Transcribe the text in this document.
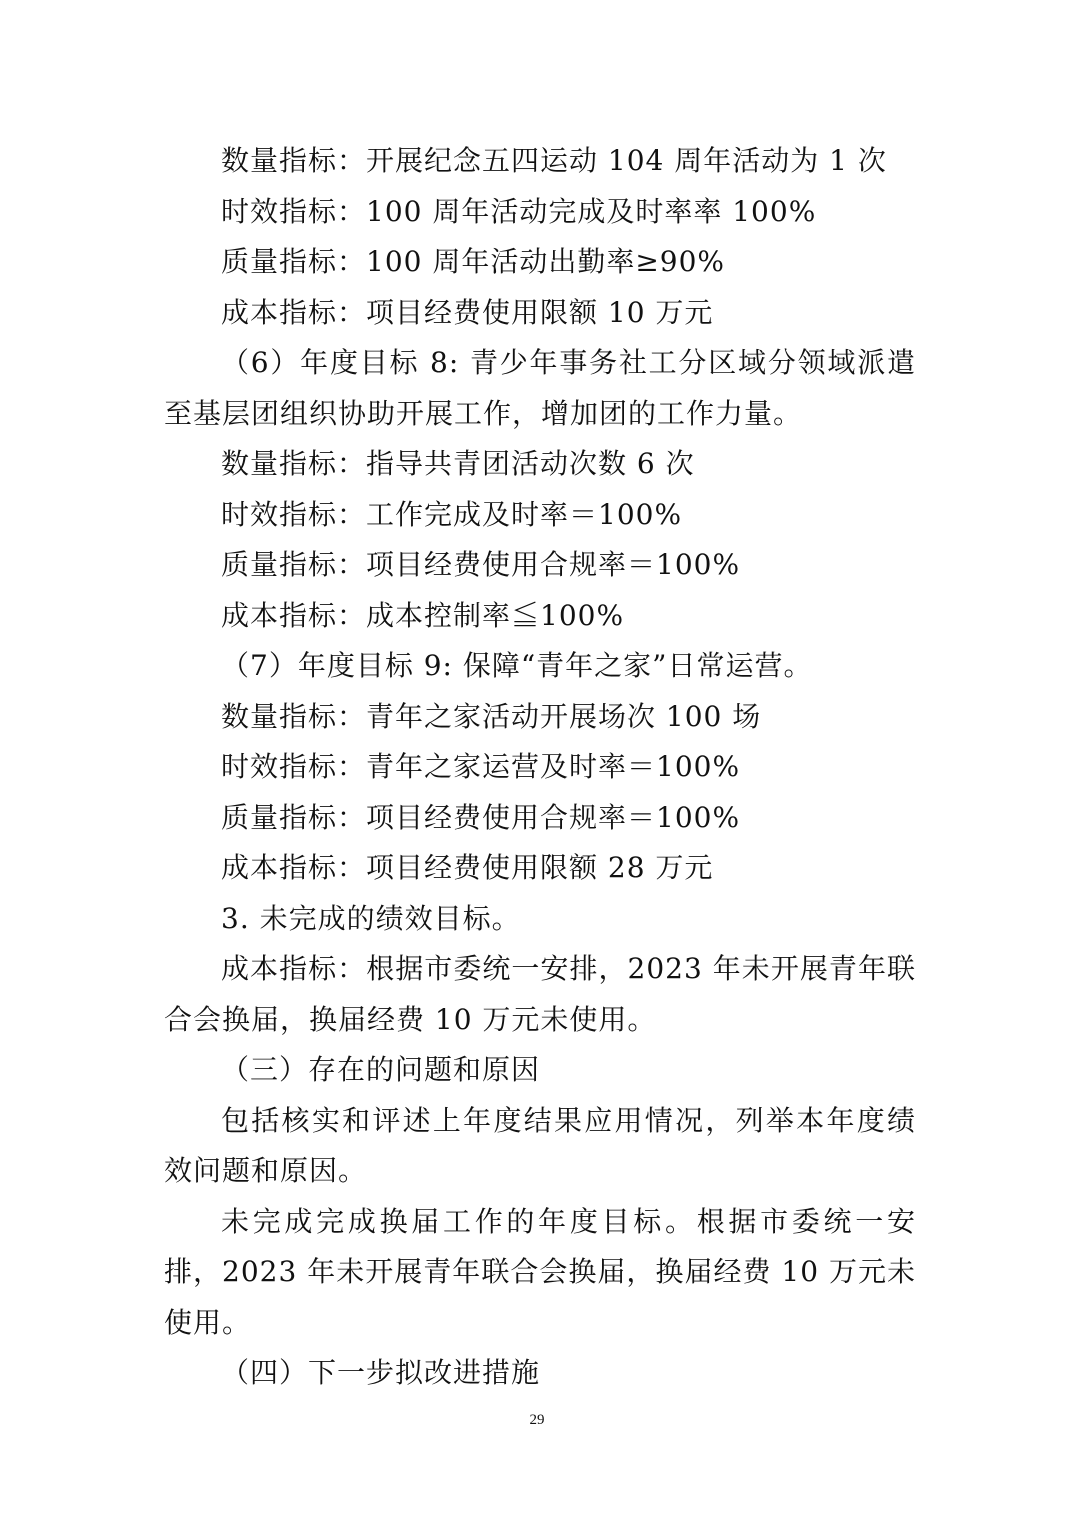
数量指标：开展纪念五四运动 104 周年活动为 1 次
时效指标：100 周年活动完成及时率率 100%
质量指标：100 周年活动出勤率≥90%
成本指标：项目经费使用限额 10 万元
（6）年度目标 8: 青少年事务社工分区域分领域派遣至基层团组织协助开展工作，增加团的工作力量。
数量指标：指导共青团活动次数 6 次
时效指标：工作完成及时率＝100%
质量指标：项目经费使用合规率＝100%
成本指标：成本控制率≦100%
（7）年度目标 9: 保障“青年之家”日常运营。
数量指标：青年之家活动开展场次 100 场
时效指标：青年之家运营及时率＝100%
质量指标：项目经费使用合规率＝100%
成本指标：项目经费使用限额 28 万元
3. 未完成的绩效目标。
成本指标：根据市委统一安排，2023 年未开展青年联合会换届，换届经费 10 万元未使用。
（三）存在的问题和原因
包括核实和评述上年度结果应用情况，列举本年度绩效问题和原因。
未完成完成换届工作的年度目标。根据市委统一安排，2023 年未开展青年联合会换届，换届经费 10 万元未使用。
（四）下一步拟改进措施
29
